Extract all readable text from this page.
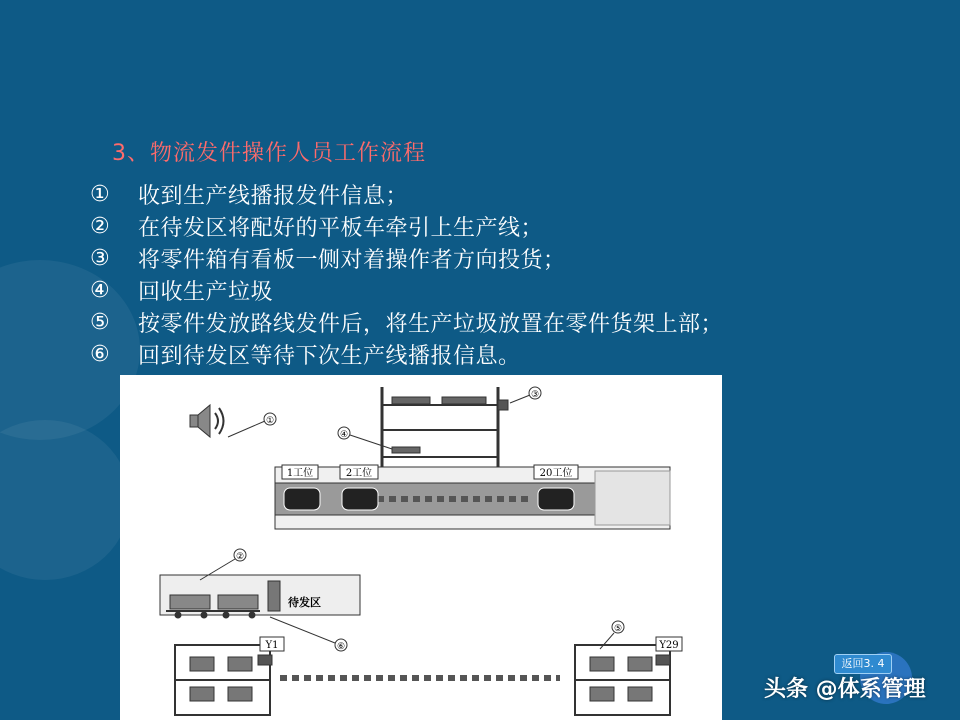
3、物流发件操作人员工作流程
①	收到生产线播报发件信息；
②	在待发区将配好的平板车牵引上生产线；
③	将零件箱有看板一侧对着操作者方向投货；
④	回收生产垃圾
⑤	按零件发放路线发件后，将生产垃圾放置在零件货架上部；
⑥	回到待发区等待下次生产线播报信息。
①
③
④
1工位	2工位	20工位
待发区
②
⑥
Y1	Y29
⑤
返回3. 4
头条 @体系管理
